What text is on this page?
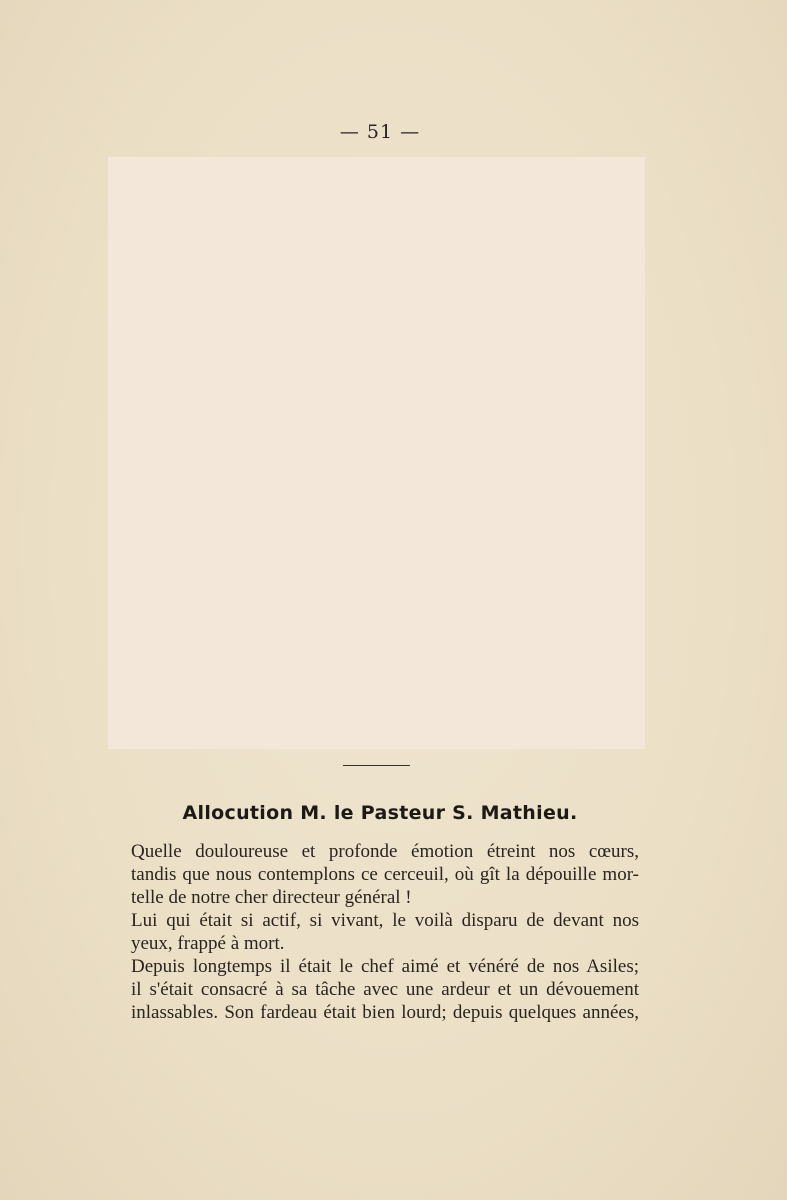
— 51 —
Allocution M. le Pasteur S. Mathieu.
Quelle douloureuse et profonde émotion étreint nos cœurs,
tandis que nous contemplons ce cerceuil, où gît la dépouille mor-
telle de notre cher directeur général !
Lui qui était si actif, si vivant, le voilà disparu de devant nos
yeux, frappé à mort.
Depuis longtemps il était le chef aimé et vénéré de nos Asiles;
il s'était consacré à sa tâche avec une ardeur et un dévouement
inlassables. Son fardeau était bien lourd; depuis quelques années,
